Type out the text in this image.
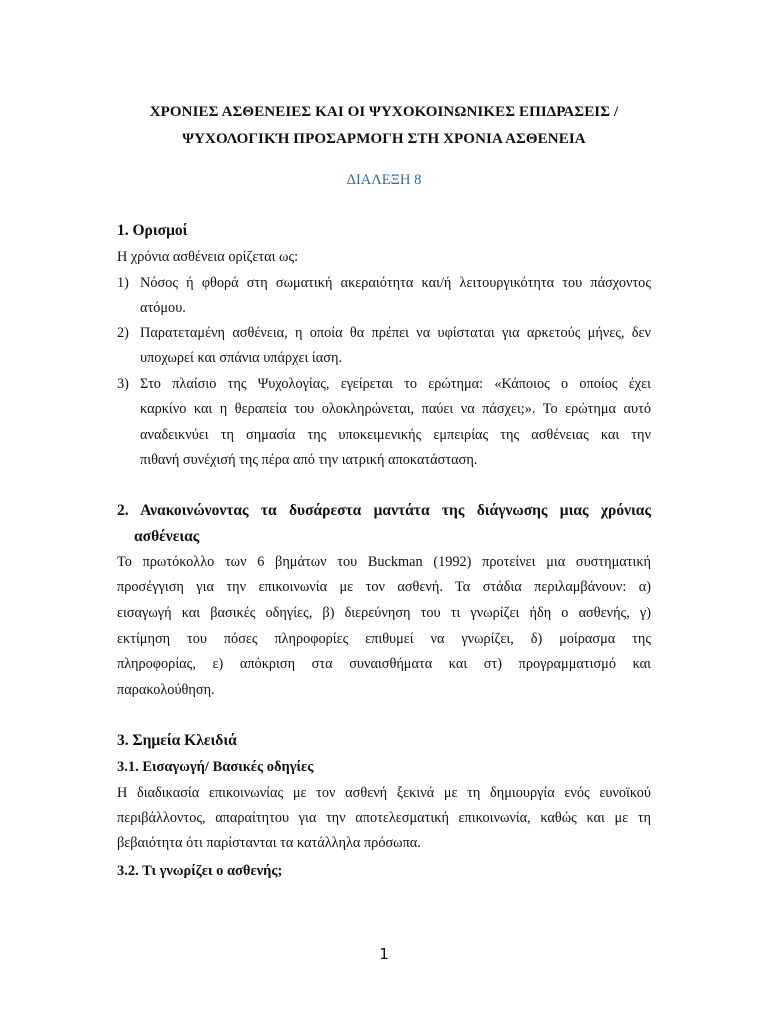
ΧΡΟΝΙΕΣ ΑΣΘΕΝΕΙΕΣ ΚΑΙ ΟΙ ΨΥΧΟΚΟΙΝΩΝΙΚΕΣ ΕΠΙΔΡΑΣΕΙΣ /
ΨΥΧΟΛΟΓΙΚΉ ΠΡΟΣΑΡΜΟΓΗ ΣΤΗ ΧΡΟΝΙΑ ΑΣΘΕΝΕΙΑ
ΔΙΑΛΕΞΗ 8
1. Ορισμοί
Η χρόνια ασθένεια ορίζεται ως:
1) Νόσος ή φθορά στη σωματική ακεραιότητα και/ή λειτουργικότητα του πάσχοντος
ατόμου.
2) Παρατεταμένη ασθένεια, η οποία θα πρέπει να υφίσταται για αρκετούς μήνες, δεν
υποχωρεί και σπάνια υπάρχει ίαση.
3) Στο πλαίσιο της Ψυχολογίας, εγείρεται το ερώτημα: «Κάποιος ο οποίος έχει
καρκίνο και η θεραπεία του ολοκληρώνεται, παύει να πάσχει;». Το ερώτημα αυτό
αναδεικνύει τη σημασία της υποκειμενικής εμπειρίας της ασθένειας και την
πιθανή συνέχισή της πέρα από την ιατρική αποκατάσταση.
2. Ανακοινώνοντας τα δυσάρεστα μαντάτα της διάγνωσης μιας χρόνιας
ασθένειας
Το πρωτόκολλο των 6 βημάτων του Buckman (1992) προτείνει μια συστηματική
προσέγγιση για την επικοινωνία με τον ασθενή. Τα στάδια περιλαμβάνουν: α)
εισαγωγή και βασικές οδηγίες, β) διερεύνηση του τι γνωρίζει ήδη ο ασθενής, γ)
εκτίμηση του πόσες πληροφορίες επιθυμεί να γνωρίζει, δ) μοίρασμα της
πληροφορίας, ε) απόκριση στα συναισθήματα και στ) προγραμματισμό και
παρακολούθηση.
3. Σημεία Κλειδιά
3.1. Εισαγωγή/ Βασικές οδηγίες
Η διαδικασία επικοινωνίας με τον ασθενή ξεκινά με τη δημιουργία ενός ευνοϊκού
περιβάλλοντος, απαραίτητου για την αποτελεσματική επικοινωνία, καθώς και με τη
βεβαιότητα ότι παρίστανται τα κατάλληλα πρόσωπα.
3.2. Τι γνωρίζει ο ασθενής;
1
